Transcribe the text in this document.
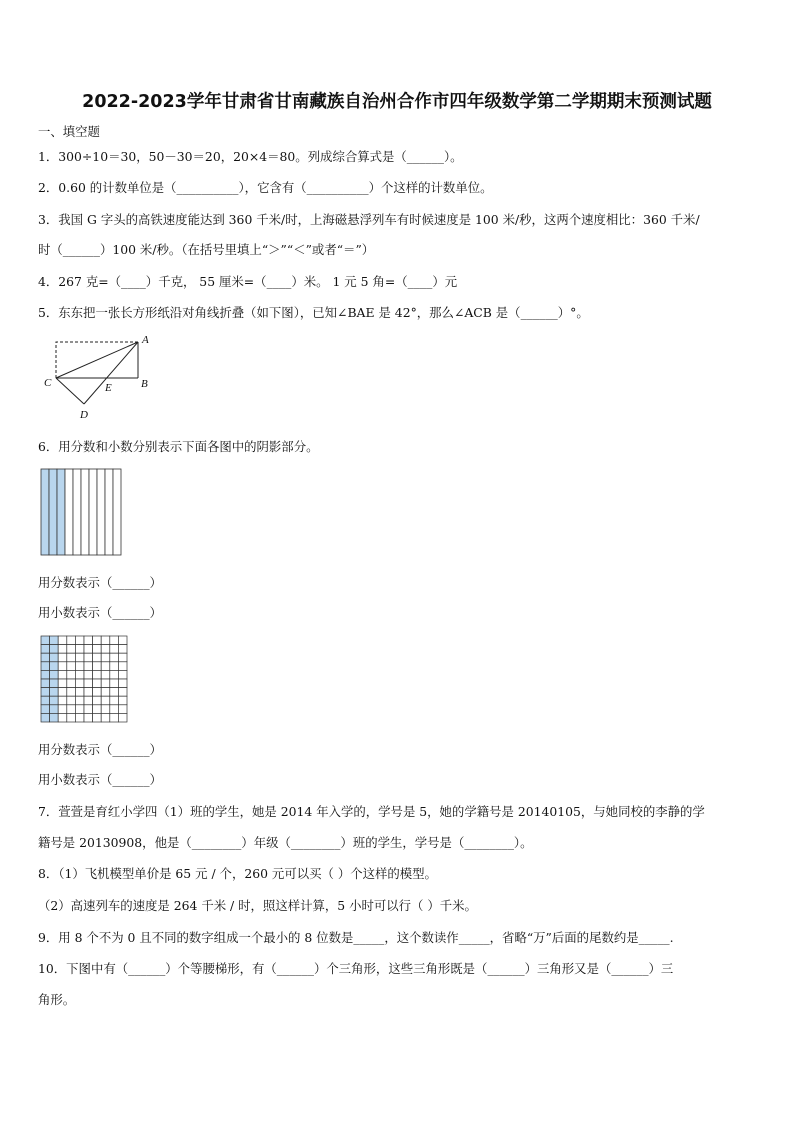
2022-2023学年甘肃省甘南藏族自治州合作市四年级数学第二学期期末预测试题
一、填空题
1．300÷10＝30，50－30＝20，20×4＝80。列成综合算式是（______）。
2．0.60 的计数单位是（__________），它含有（__________）个这样的计数单位。
3．我国 G 字头的高铁速度能达到 360 千米/时，上海磁悬浮列车有时候速度是 100 米/秒，这两个速度相比：360 千米/
时（______）100 米/秒。（在括号里填上“＞”“＜”或者“＝”）
4．267 克=（____）千克， 55 厘米=（____）米。 1 元 5 角=（____）元
5．东东把一张长方形纸沿对角线折叠（如下图），已知∠BAE 是 42°，那么∠ACB 是（______）°。
A
B
C	E
D
6．用分数和小数分别表示下面各图中的阴影部分。
用分数表示（______）
用小数表示（______）
用分数表示（______）
用小数表示（______）
7．萱萱是育红小学四（1）班的学生，她是 2014 年入学的，学号是 5，她的学籍号是 20140105，与她同校的李静的学
籍号是 20130908，他是（________）年级（________）班的学生，学号是（________）。
8．（1）飞机模型单价是 65 元 / 个，260 元可以买（ ）个这样的模型。
（2）高速列车的速度是 264 千米 / 时，照这样计算，5 小时可以行（ ）千米。
9．用 8 个不为 0 且不同的数字组成一个最小的 8 位数是_____，这个数读作_____，省略“万”后面的尾数约是_____.
10．下图中有（______）个等腰梯形，有（______）个三角形，这些三角形既是（______）三角形又是（______）三
角形。
